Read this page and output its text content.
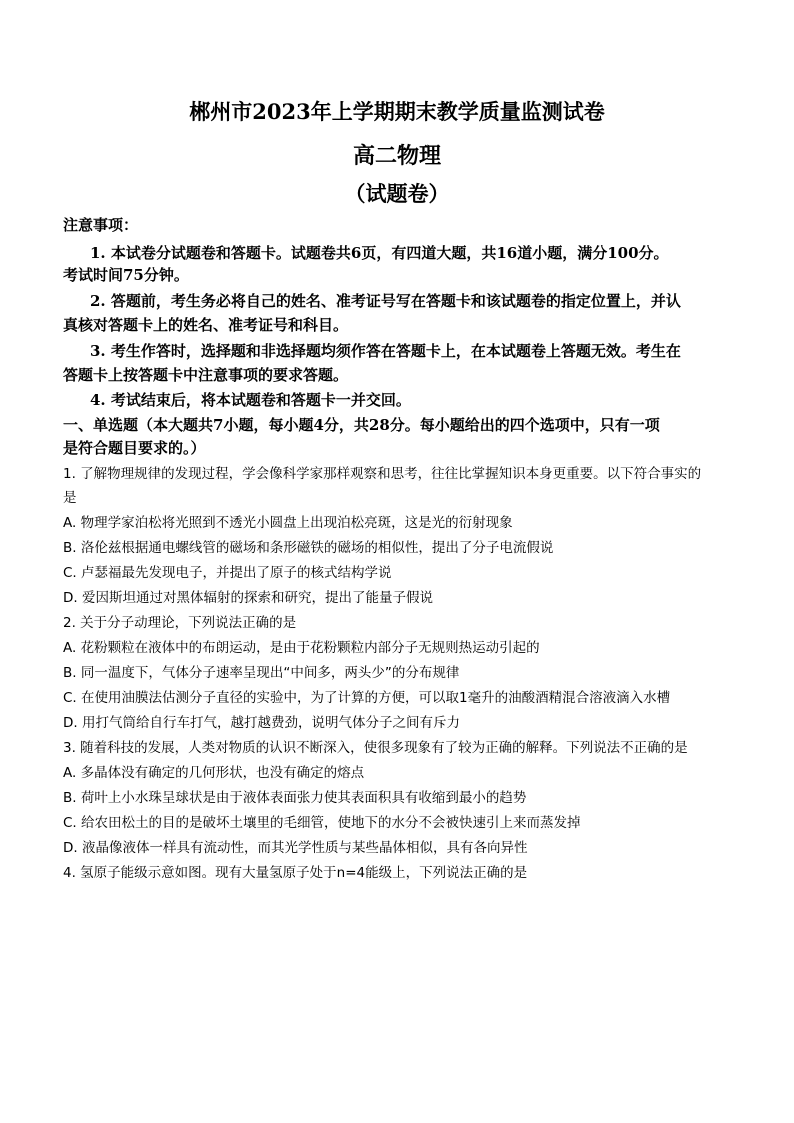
郴州市2023年上学期期末教学质量监测试卷
高二物理
（试题卷）
注意事项：
1. 本试卷分试题卷和答题卡。试题卷共6页，有四道大题，共16道小题，满分100分。
考试时间75分钟。
2. 答题前，考生务必将自己的姓名、准考证号写在答题卡和该试题卷的指定位置上，并认
真核对答题卡上的姓名、准考证号和科目。
3. 考生作答时，选择题和非选择题均须作答在答题卡上，在本试题卷上答题无效。考生在
答题卡上按答题卡中注意事项的要求答题。
4. 考试结束后，将本试题卷和答题卡一并交回。
一、单选题（本大题共7小题，每小题4分，共28分。每小题给出的四个选项中，只有一项
是符合题目要求的。）
1. 了解物理规律的发现过程，学会像科学家那样观察和思考，往往比掌握知识本身更重要。以下符合事实的
是
A. 物理学家泊松将光照到不透光小圆盘上出现泊松亮斑，这是光的衍射现象
B. 洛伦兹根据通电螺线管的磁场和条形磁铁的磁场的相似性，提出了分子电流假说
C. 卢瑟福最先发现电子，并提出了原子的核式结构学说
D. 爱因斯坦通过对黑体辐射的探索和研究，提出了能量子假说
2. 关于分子动理论，下列说法正确的是
A. 花粉颗粒在液体中的布朗运动，是由于花粉颗粒内部分子无规则热运动引起的
B. 同一温度下，气体分子速率呈现出“中间多，两头少”的分布规律
C. 在使用油膜法估测分子直径的实验中，为了计算的方便，可以取1毫升的油酸酒精混合溶液滴入水槽
D. 用打气筒给自行车打气，越打越费劲，说明气体分子之间有斥力
3. 随着科技的发展，人类对物质的认识不断深入，使很多现象有了较为正确的解释。下列说法不正确的是
A. 多晶体没有确定的几何形状，也没有确定的熔点
B. 荷叶上小水珠呈球状是由于液体表面张力使其表面积具有收缩到最小的趋势
C. 给农田松土的目的是破坏土壤里的毛细管，使地下的水分不会被快速引上来而蒸发掉
D. 液晶像液体一样具有流动性，而其光学性质与某些晶体相似，具有各向异性
4. 氢原子能级示意如图。现有大量氢原子处于n=4能级上，下列说法正确的是
